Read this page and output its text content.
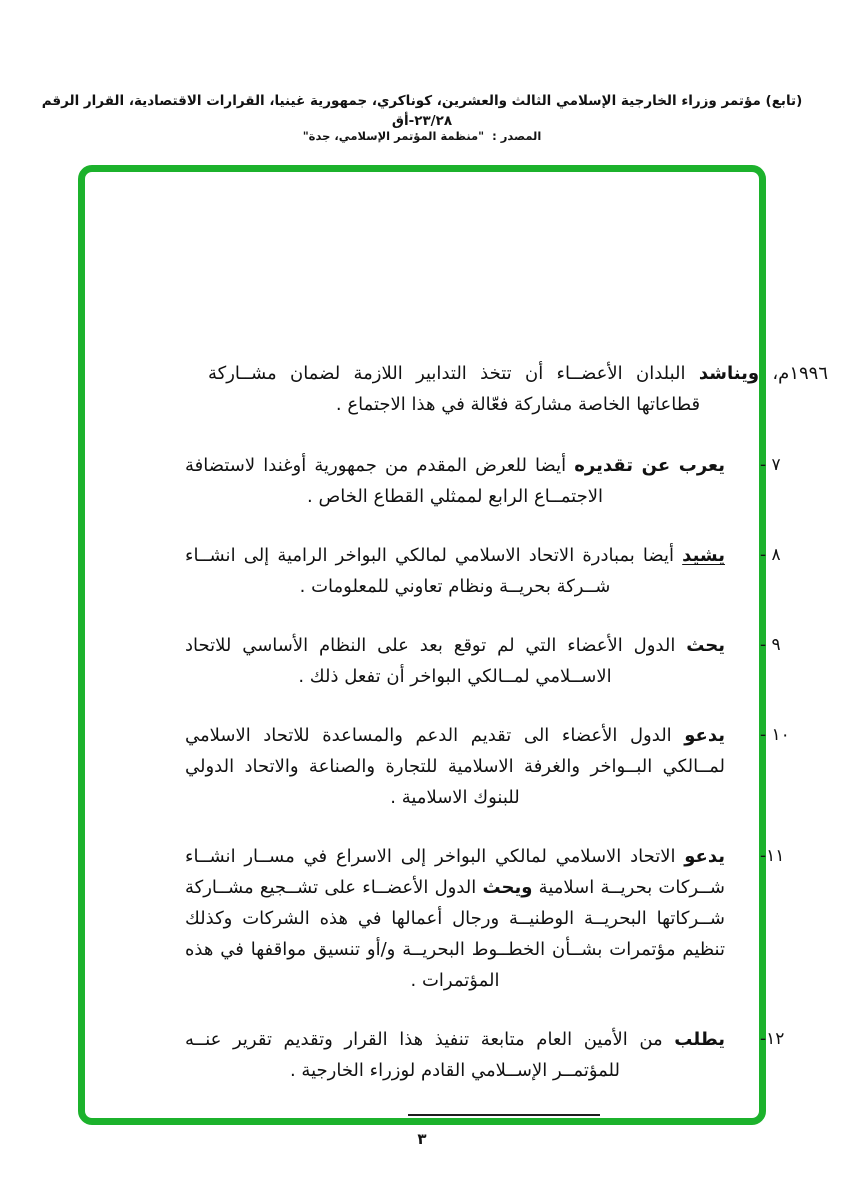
(تابع) مؤتمر وزراء الخارجية الإسلامي الثالث والعشرين، كوناكري، جمهورية غينيا، القرارات الاقتصادية، القرار الرقم ٢٣/٢٨-أق
المصدر :  "منظمة المؤتمر الإسلامي، جدة"

١٩٩٦م، ويناشد البلدان الأعضــاء أن تتخذ التدابير اللازمة لضمان مشــاركة قطاعاتها الخاصة مشاركة فعّالة في هذا الاجتماع .

٧ -
يعرب عن تقديره أيضا للعرض المقدم من جمهورية أوغندا لاستضافة الاجتمــاع الرابع لممثلي القطاع الخاص .
٨ -
يشيد أيضا بمبادرة الاتحاد الاسلامي لمالكي البواخر الرامية إلى انشــاء شــركة بحريــة ونظام تعاوني للمعلومات .
٩ -
يحث الدول الأعضاء التي لم توقع بعد على النظام الأساسي للاتحاد الاســلامي لمــالكي البواخر أن تفعل ذلك .
١٠ -
يدعو الدول الأعضاء الى تقديم الدعم والمساعدة للاتحاد الاسلامي لمــالكي البــواخر والغرفة الاسلامية للتجارة والصناعة والاتحاد الدولي للبنوك الاسلامية .
١١-
يدعو الاتحاد الاسلامي لمالكي البواخر إلى الاسراع في مســار انشــاء شــركات بحريــة اسلامية ويحث الدول الأعضــاء على تشــجيع مشــاركة شــركاتها البحريــة الوطنيــة ورجال أعمالها في هذه الشركات وكذلك تنظيم مؤتمرات بشــأن الخطــوط البحريــة و/أو تنسيق مواقفها في هذه المؤتمرات .
١٢-
يطلب من الأمين العام متابعة تنفيذ هذا القرار وتقديم تقرير عنــه للمؤتمــر الإســلامي القادم لوزراء الخارجية .
٣
